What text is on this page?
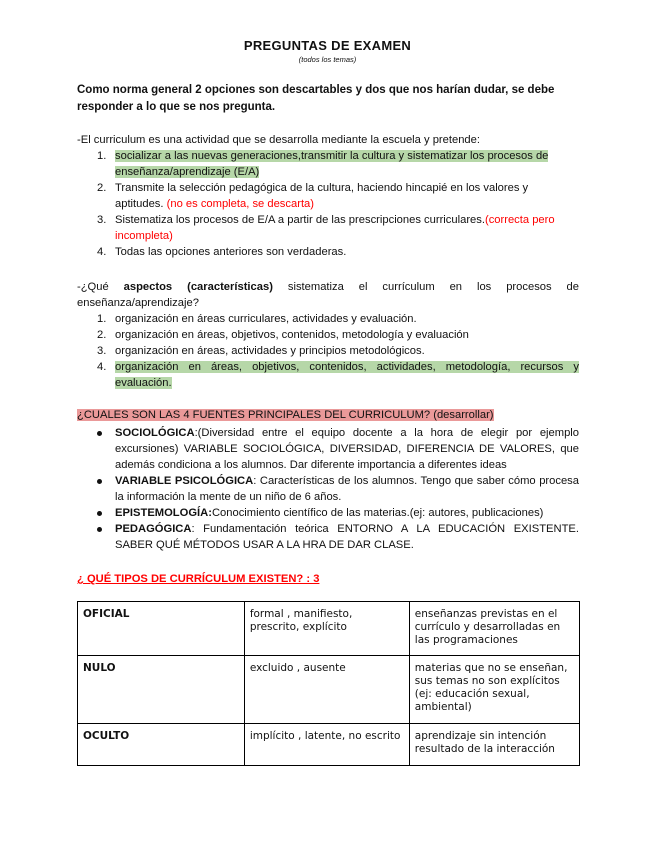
PREGUNTAS DE EXAMEN
(todos los temas)
Como norma general 2 opciones son descartables y dos que nos harían dudar, se debe responder a lo que se nos pregunta.
-El curriculum es una actividad que se desarrolla mediante la escuela y pretende:
1. socializar a las nuevas generaciones,transmitir la cultura y sistematizar los procesos de enseñanza/aprendizaje (E/A)
2. Transmite la selección pedagógica de la cultura, haciendo hincapié en los valores y aptitudes. (no es completa, se descarta)
3. Sistematiza los procesos de E/A a partir de las prescripciones curriculares.(correcta pero incompleta)
4. Todas las opciones anteriores son verdaderas.
-¿Qué aspectos (características) sistematiza el currículum en los procesos de enseñanza/aprendizaje?
1. organización en áreas curriculares, actividades y evaluación.
2. organización en áreas, objetivos, contenidos, metodología y evaluación
3. organización en áreas, actividades y principios metodológicos.
4. organización en áreas, objetivos, contenidos, actividades, metodología, recursos y evaluación.
¿CUALES SON LAS 4 FUENTES PRINCIPALES DEL CURRICULUM? (desarrollar)
SOCIOLÓGICA:(Diversidad entre el equipo docente a la hora de elegir por ejemplo excursiones) VARIABLE SOCIOLÓGICA, DIVERSIDAD, DIFERENCIA DE VALORES, que además condiciona a los alumnos. Dar diferente importancia a diferentes ideas
VARIABLE PSICOLÓGICA: Características de los alumnos. Tengo que saber cómo procesa la información la mente de un niño de 6 años.
EPISTEMOLOGÍA:Conocimiento científico de las materias.(ej: autores, publicaciones)
PEDAGÓGICA: Fundamentación teórica ENTORNO A LA EDUCACIÓN EXISTENTE. SABER QUÉ MÉTODOS USAR A LA HRA DE DAR CLASE.
¿ QUÉ TIPOS DE CURRÍCULUM EXISTEN? : 3
OFICIAL	formal , manifiesto, prescrito, explícito	enseñanzas previstas en el currículo y desarrolladas en las programaciones
NULO	excluido , ausente	materias que no se enseñan, sus temas no son explícitos (ej: educación sexual, ambiental)
OCULTO	implícito , latente, no escrito	aprendizaje sin intención resultado de la interacción
